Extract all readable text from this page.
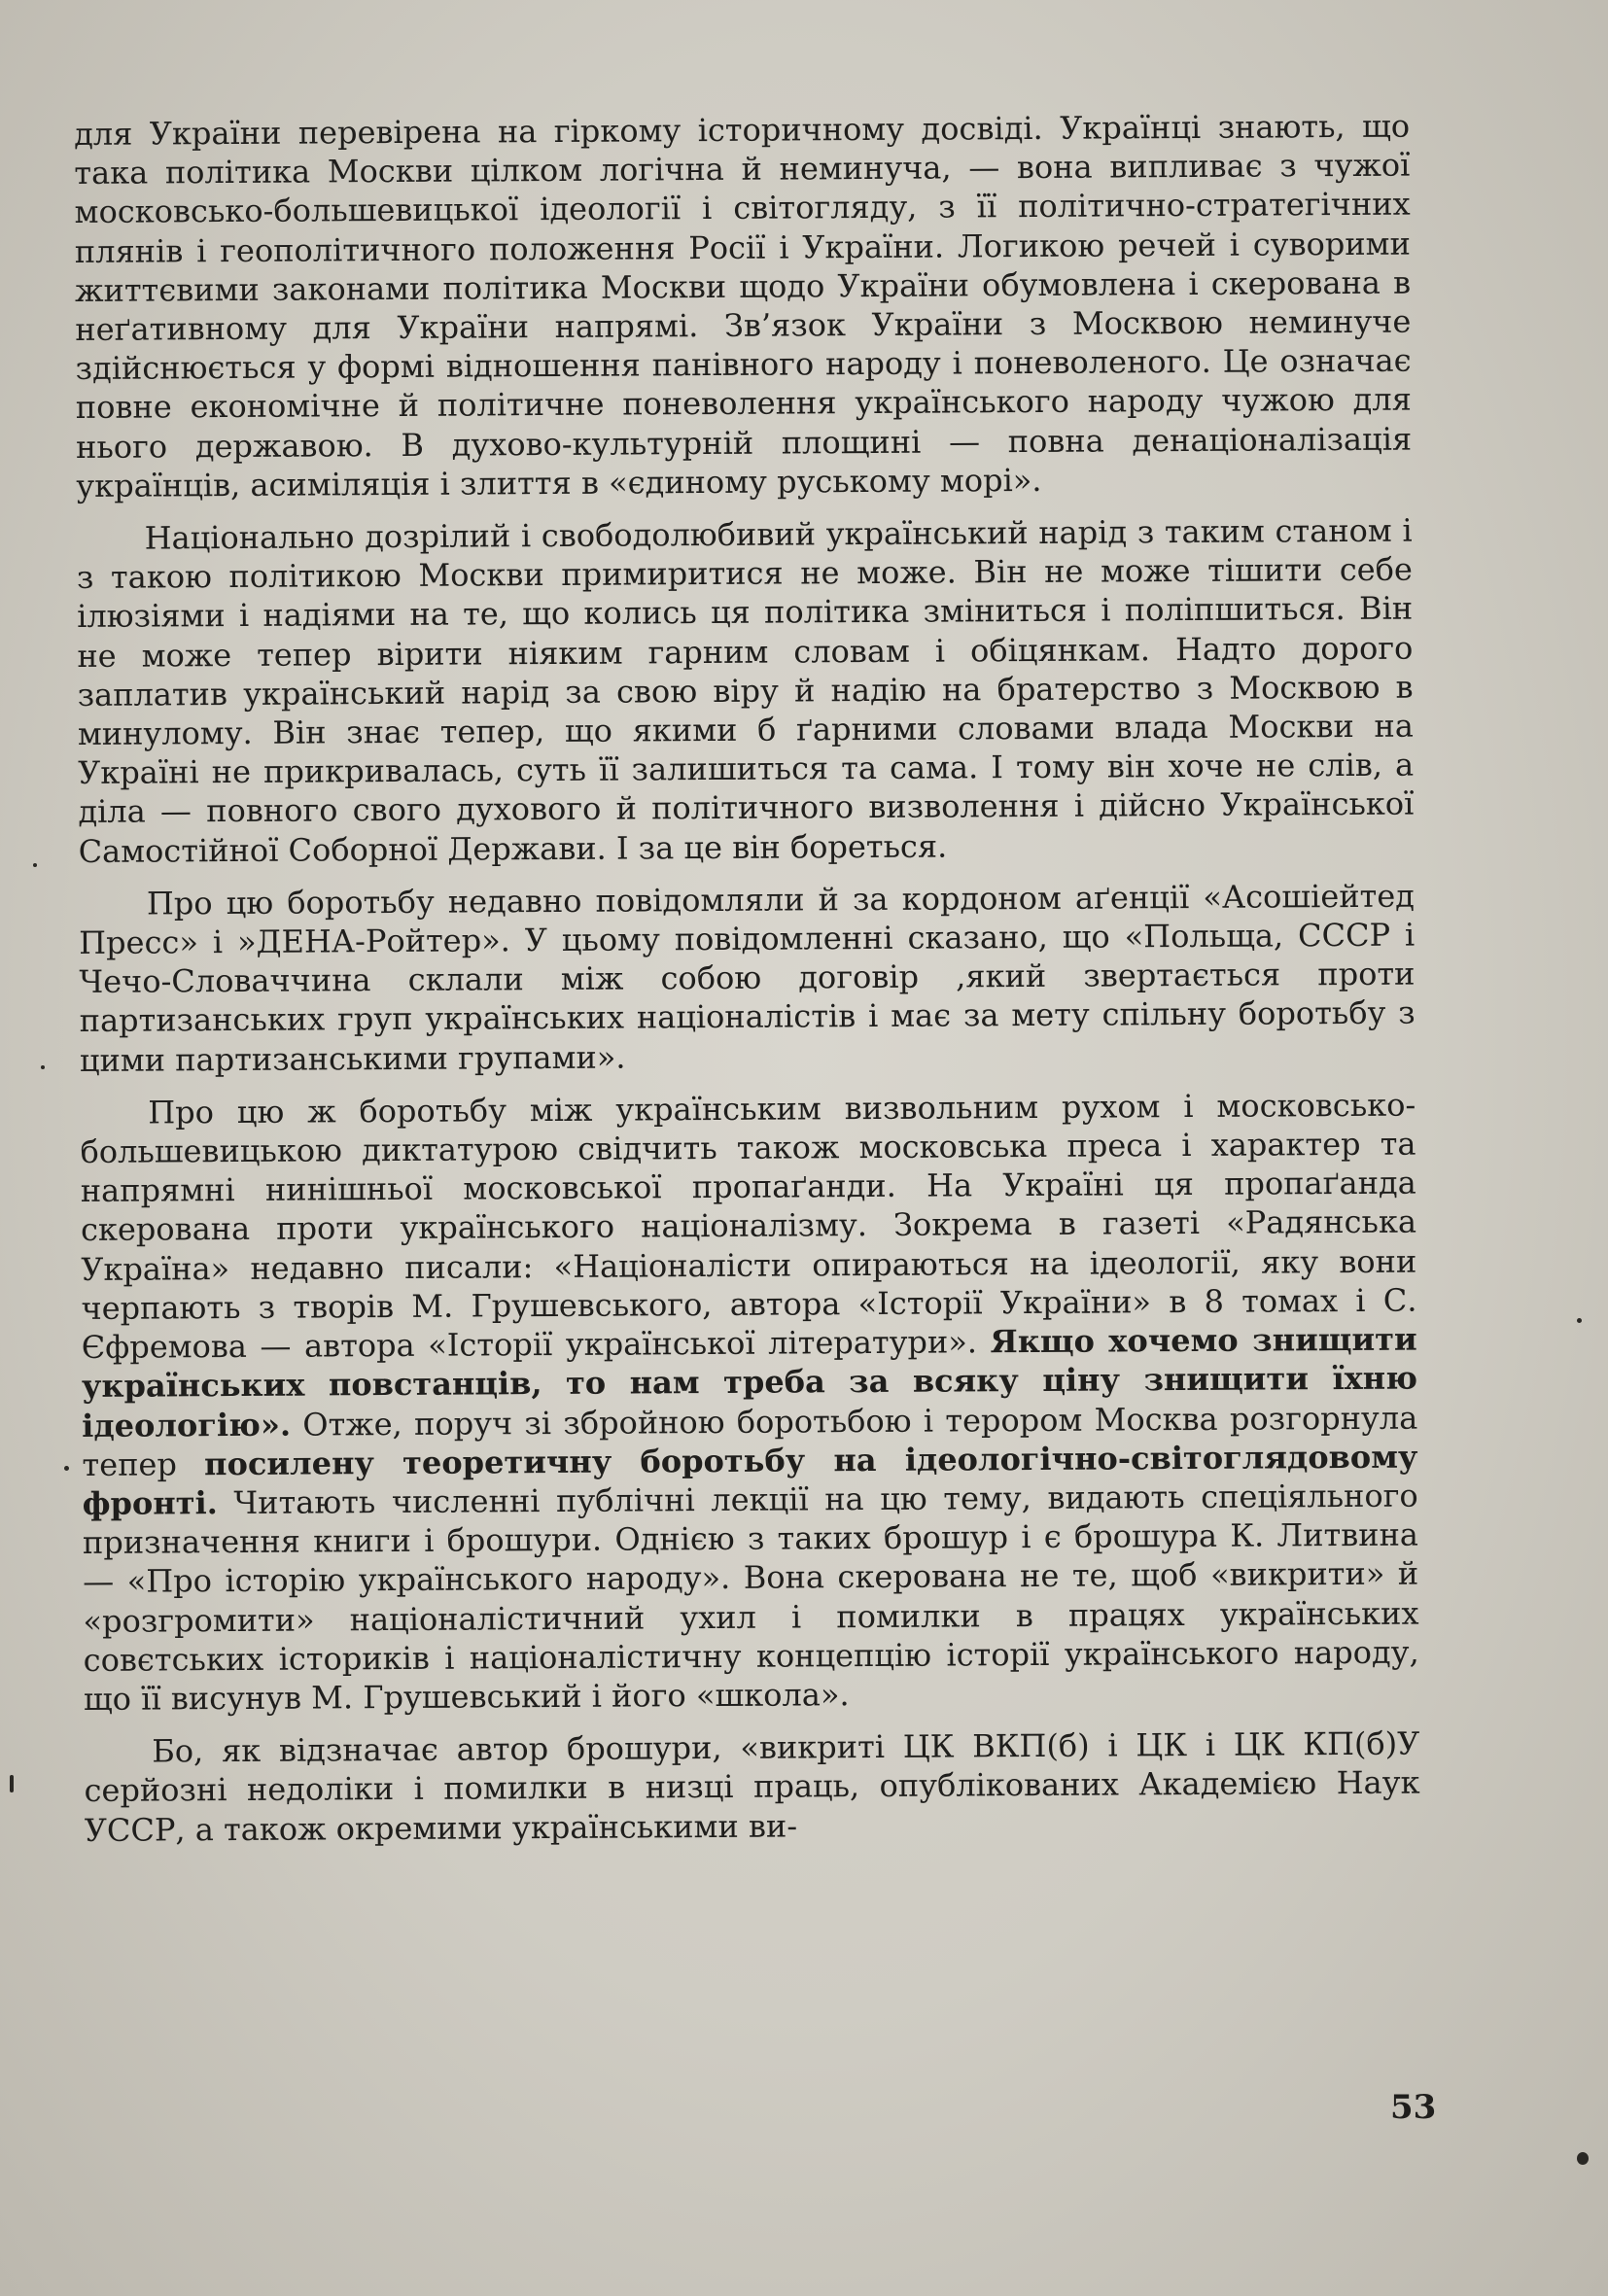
для України перевірена на гіркому історичному досвіді. Українці знають, що така політика Москви цілком логічна й неминуча, — вона випливає з чужої московсько-большевицької ідеології і світогляду, з її політично-стратегічних плянів і геополітичного положення Росії і України. Логикою речей і суворими життєвими законами політика Москви щодо України обумовлена і скерована в неґативному для України напрямі. Зв’язок України з Москвою неминуче здійснюється у формі відношення панівного народу і поневоленого. Це означає повне економічне й політичне поневолення українського народу чужою для нього державою. В духово-культурній площині — повна денаціоналізація українців, асиміляція і злиття в «єдиному руському морі».

Національно дозрілий і свободолюбивий український нарід з таким станом і з такою політикою Москви примиритися не може. Він не може тішити себе ілюзіями і надіями на те, що колись ця політика зміниться і поліпшиться. Він не може тепер вірити ніяким гарним словам і обіцянкам. Надто дорого заплатив український нарід за свою віру й надію на братерство з Москвою в минулому. Він знає тепер, що якими б ґарними словами влада Москви на Україні не прикривалась, суть її залишиться та сама. І тому він хоче не слів, а діла — повного свого духового й політичного визволення і дійсно Української Самостійної Соборної Держави. І за це він бореться.

Про цю боротьбу недавно повідомляли й за кордоном аґенції «Асошіейтед Пресс» і »ДЕНА-Ройтер». У цьому повідомленні сказано, що «Польща, СССР і Чечо-Словаччина склали між собою договір ,який звертається проти партизанських груп українських націоналістів і має за мету спільну боротьбу з цими партизанськими групами».

Про цю ж боротьбу між українським визвольним рухом і московсько-большевицькою диктатурою свідчить також московська преса і характер та напрямні нинішньої московської пропаґанди. На Україні ця пропаґанда скерована проти українського націоналізму. Зокрема в газеті «Радянська Україна» недавно писали: «Націоналісти опираються на ідеології, яку вони черпають з творів М. Грушевського, автора «Історії України» в 8 томах і С. Єфремова — автора «Історії української літератури». Якщо хочемо знищити українських повстанців, то нам треба за всяку ціну знищити їхню ідеологію». Отже, поруч зі збройною боротьбою і терором Москва розгорнула тепер посилену теоретичну боротьбу на ідеологічно-світоглядовому фронті. Читають численні публічні лекції на цю тему, видають спеціяльного призначення книги і брошури. Однією з таких брошур і є брошура К. Литвина — «Про історію українського народу». Вона скерована не те, щоб «викрити» й «розгромити» націоналістичний ухил і помилки в працях українських совєтських істориків і націоналістичну концепцію історії українського народу, що її висунув М. Грушевський і його «школа».

Бо, як відзначає автор брошури, «викриті ЦК ВКП(б) і ЦК і ЦК КП(б)У серйозні недоліки і помилки в низці праць, опублікованих Академією Наук УССР, а також окремими українськими ви-

53
